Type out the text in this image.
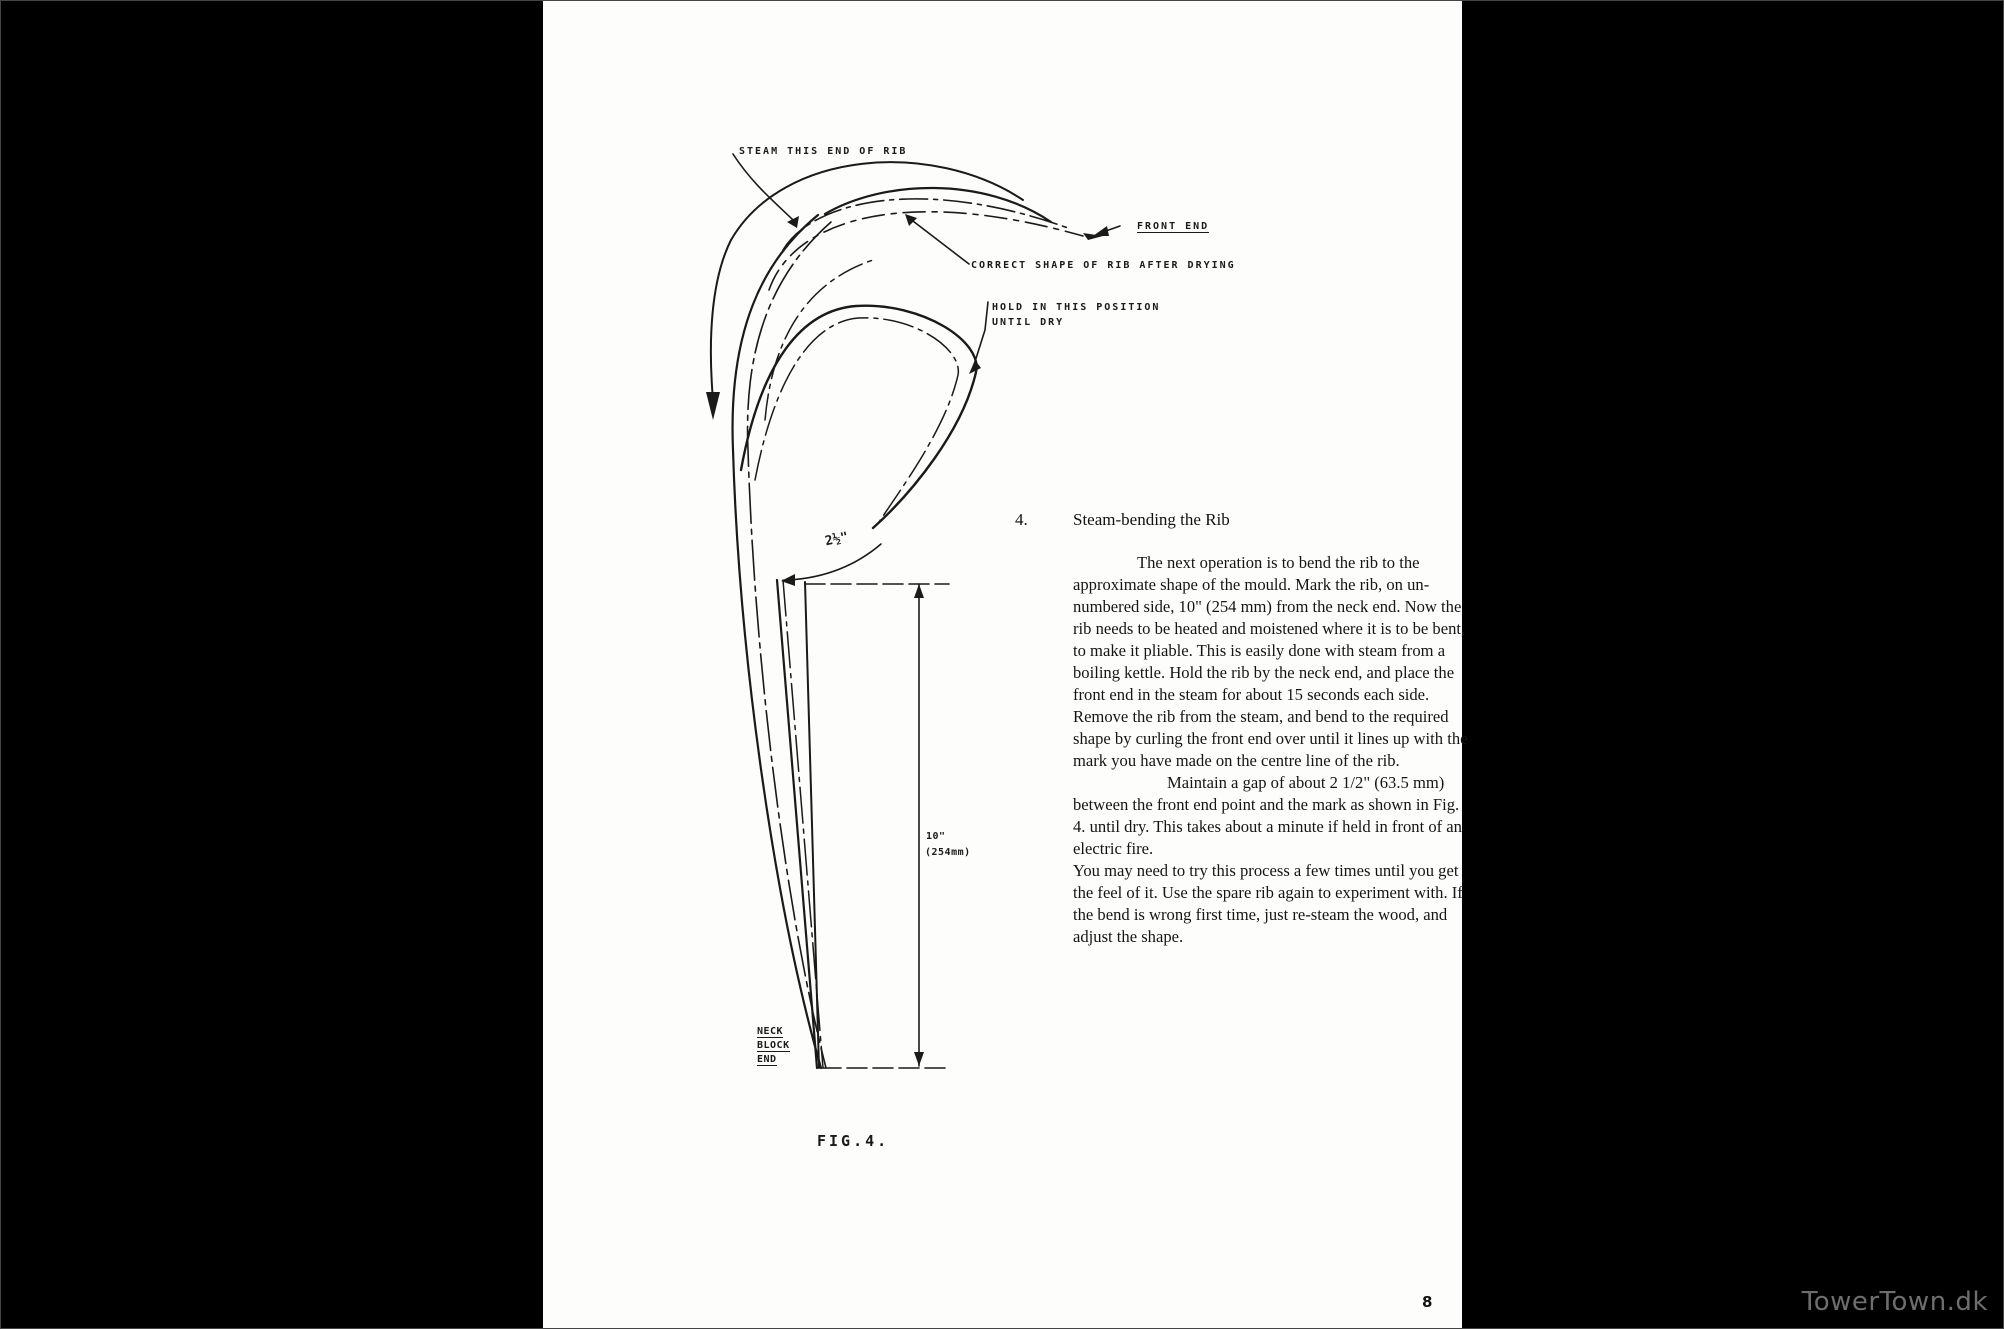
STEAM THIS END OF RIB
FRONT END
CORRECT SHAPE OF RIB AFTER DRYING
HOLD IN THIS POSITION
UNTIL DRY
2½"
10"
(254mm)
NECK
BLOCK
END
FIG.4.
4.	Steam-bending the Rib

The next operation is to bend the rib to the approximate shape of the mould. Mark the rib, on un-numbered side, 10" (254 mm) from the neck end. Now the rib needs to be heated and moistened where it is to be bent, to make it pliable. This is easily done with steam from a boiling kettle. Hold the rib by the neck end, and place the front end in the steam for about 15 seconds each side. Remove the rib from the steam, and bend to the required shape by curling the front end over until it lines up with the mark you have made on the centre line of the rib.

Maintain a gap of about 2 1/2" (63.5 mm) between the front end point and the mark as shown in Fig. 4. until dry. This takes about a minute if held in front of an electric fire.

You may need to try this process a few times until you get the feel of it. Use the spare rib again to experiment with. If the bend is wrong first time, just re-steam the wood, and adjust the shape.

8	TowerTown.dk
